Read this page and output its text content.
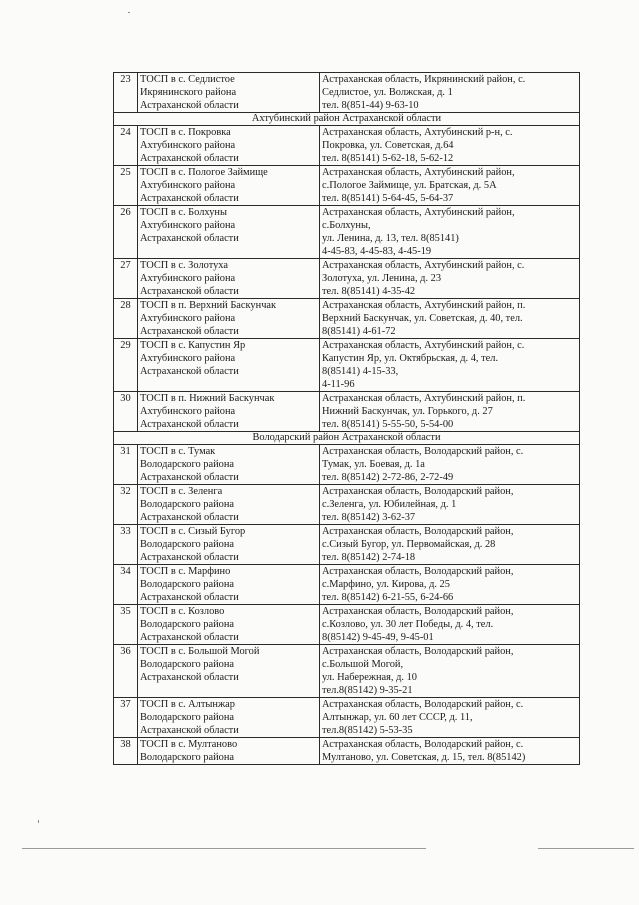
23	ТОСП в с. Седлистое
Икрянинского района
Астраханской области	Астраханская область, Икрянинский район, с.
Седлистое, ул. Волжская, д. 1
тел. 8(851-44) 9-63-10

Ахтубинский район Астраханской области		
24	ТОСП в с. Покровка
Ахтубинского района
Астраханской области	Астраханская область, Ахтубинский р-н, с.
Покровка, ул. Советская, д.64
тел. 8(85141) 5-62-18, 5-62-12

25	ТОСП в с. Пологое Займище
Ахтубинского района
Астраханской области	Астраханская область, Ахтубинский район,
с.Пологое Займище, ул. Братская, д. 5А
тел. 8(85141) 5-64-45, 5-64-37

26	ТОСП в с. Болхуны
Ахтубинского района
Астраханской области	Астраханская область, Ахтубинский район,
с.Болхуны,
ул. Ленина, д. 13, тел. 8(85141)
4-45-83, 4-45-83, 4-45-19

27	ТОСП в с. Золотуха
Ахтубинского района
Астраханской области	Астраханская область, Ахтубинский район, с.
Золотуха, ул. Ленина, д. 23
тел. 8(85141) 4-35-42

28	ТОСП в п. Верхний Баскунчак
Ахтубинского района
Астраханской области	Астраханская область, Ахтубинский район, п.
Верхний Баскунчак, ул. Советская, д. 40, тел.
8(85141) 4-61-72

29	ТОСП в с. Капустин Яр
Ахтубинского района
Астраханской области	Астраханская область, Ахтубинский район, с.
Капустин Яр, ул. Октябрьская, д. 4, тел.
8(85141) 4-15-33,
4-11-96

30	ТОСП в п. Нижний Баскунчак
Ахтубинского района
Астраханской области	Астраханская область, Ахтубинский район, п.
Нижний Баскунчак, ул. Горького, д. 27
тел. 8(85141) 5-55-50, 5-54-00

Володарский район Астраханской области		
31	ТОСП в с. Тумак
Володарского района
Астраханской области	Астраханская область, Володарский район, с.
Тумак, ул. Боевая, д. 1а
тел. 8(85142) 2-72-86, 2-72-49

32	ТОСП в с. Зеленга
Володарского района
Астраханской области	Астраханская область, Володарский район,
с.Зеленга, ул. Юбилейная, д. 1
тел. 8(85142) 3-62-37

33	ТОСП в с. Сизый Бугор
Володарского района
Астраханской области	Астраханская область, Володарский район,
с.Сизый Бугор, ул. Первомайская, д. 28
тел. 8(85142) 2-74-18

34	ТОСП в с. Марфино
Володарского района
Астраханской области	Астраханская область, Володарский район,
с.Марфино, ул. Кирова, д. 25
тел. 8(85142) 6-21-55, 6-24-66

35	ТОСП в с. Козлово
Володарского района
Астраханской области	Астраханская область, Володарский район,
с.Козлово, ул. 30 лет Победы, д. 4, тел.
8(85142) 9-45-49, 9-45-01

36	ТОСП в с. Большой Могой
Володарского района
Астраханской области	Астраханская область, Володарский район,
с.Большой Могой,
ул. Набережная, д. 10
тел.8(85142) 9-35-21

37	ТОСП в с. Алтынжар
Володарского района
Астраханской области	Астраханская область, Володарский район, с.
Алтынжар, ул. 60 лет СССР, д. 11,
тел.8(85142) 5-53-35

38	ТОСП в с. Мултаново
Володарского района	Астраханская область, Володарский район, с.
Мултаново, ул. Советская, д. 15, тел. 8(85142)
